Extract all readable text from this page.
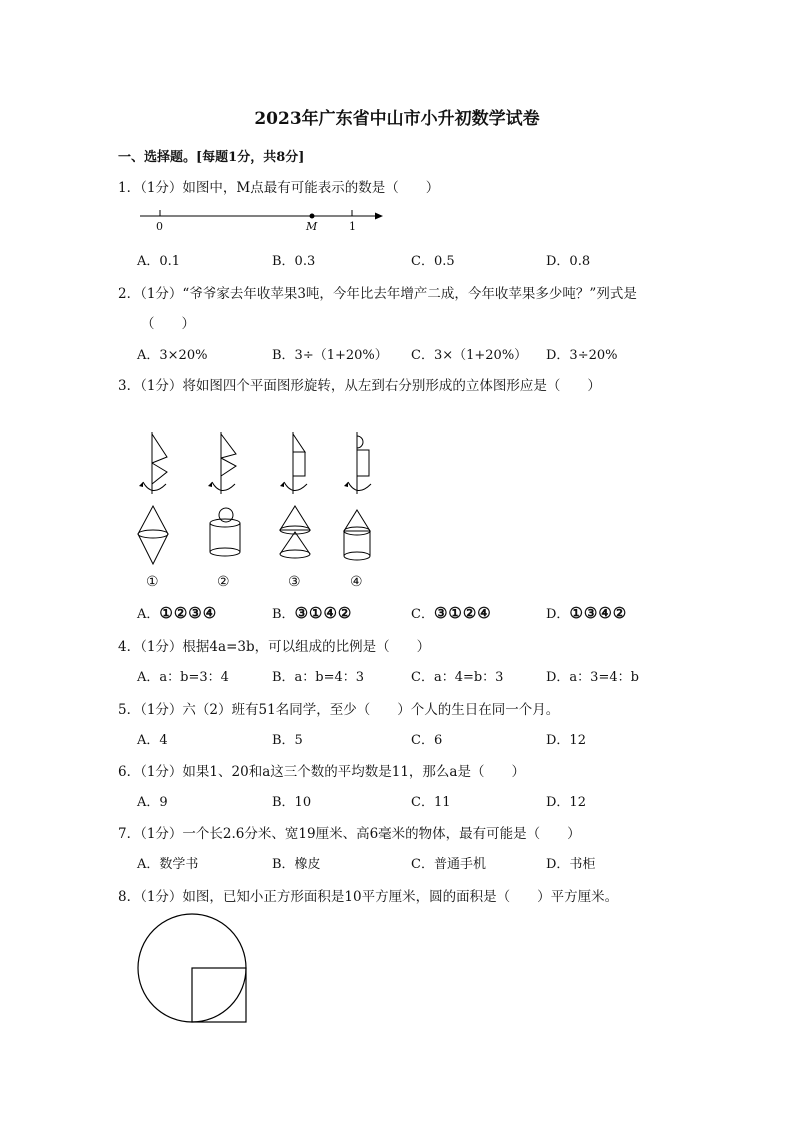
2023年广东省中山市小升初数学试卷
一、选择题。[每题1分，共8分]
1．（1分）如图中，M点最有可能表示的数是（　　）
0	M	1
A．0.1	B．0.3	C．0.5	D．0.8
2．（1分）“爷爷家去年收苹果3吨，今年比去年增产二成，今年收苹果多少吨？”列式是
（　　）
A．3×20%	B．3÷（1+20%） C．3×（1+20%） D．3÷20%
3．（1分）将如图四个平面图形旋转，从左到右分别形成的立体图形应是（　　）
①	②	③	④
A．①②③④	B．③①④②	C．③①②④	D．①③④②
4．（1分）根据4a=3b，可以组成的比例是（　　）
A．a：b=3：4	B．a：b=4：3	C．a：4=b：3	D．a：3=4：b
5．（1分）六（2）班有51名同学，至少（　　）个人的生日在同一个月。
A．4	B．5	C．6	D．12
6．（1分）如果1、20和a这三个数的平均数是11，那么a是（　　）
A．9	B．10	C．11	D．12
7．（1分）一个长2.6分米、宽19厘米、高6毫米的物体，最有可能是（　　）
A．数学书	B．橡皮	C．普通手机	D．书柜
8．（1分）如图，已知小正方形面积是10平方厘米，圆的面积是（　　）平方厘米。
